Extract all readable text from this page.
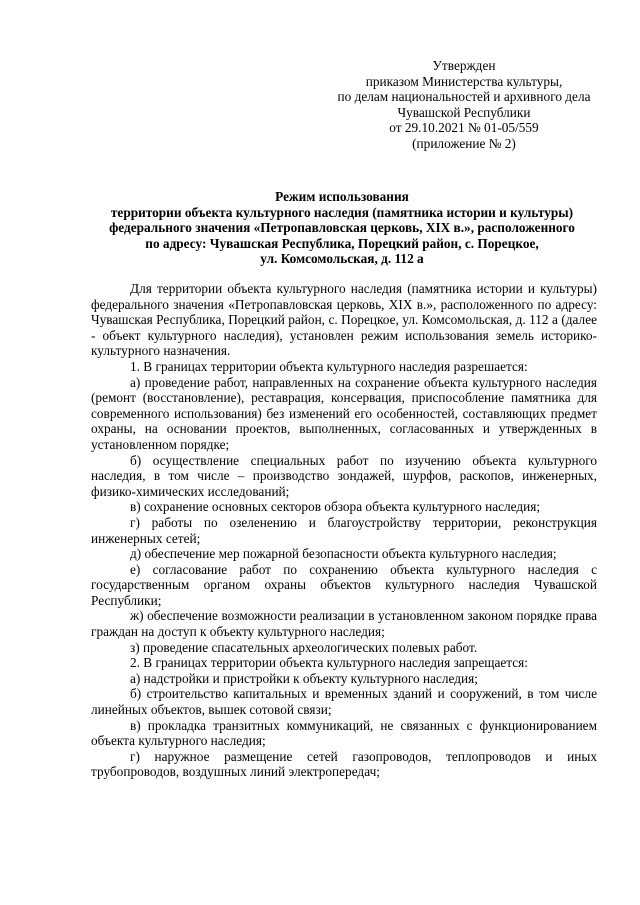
Утвержден
приказом Министерства культуры,
по делам национальностей и архивного дела
Чувашской Республики
от 29.10.2021 № 01-05/559
(приложение № 2)
Режим использования
территории объекта культурного наследия (памятника истории и культуры)
федерального значения «Петропавловская церковь, XIX в.», расположенного
по адресу: Чувашская Республика, Порецкий район, с. Порецкое,
ул. Комсомольская, д. 112 а

Для территории объекта культурного наследия (памятника истории и культуры) федерального значения «Петропавловская церковь, XIX в.», расположенного по адресу: Чувашская Республика, Порецкий район, с. Порецкое, ул. Комсомольская, д. 112 а (далее - объект культурного наследия), установлен режим использования земель историко-культурного назначения.

1. В границах территории объекта культурного наследия разрешается:

а) проведение работ, направленных на сохранение объекта культурного наследия (ремонт (восстановление), реставрация, консервация, приспособление памятника для современного использования) без изменений его особенностей, составляющих предмет охраны, на основании проектов, выполненных, согласованных и утвержденных в установленном порядке;

б) осуществление специальных работ по изучению объекта культурного наследия, в том числе – производство зондажей, шурфов, раскопов, инженерных, физико-химических исследований;

в) сохранение основных секторов обзора объекта культурного наследия;

г) работы по озеленению и благоустройству территории, реконструкция инженерных сетей;

д) обеспечение мер пожарной безопасности объекта культурного наследия;

е) согласование работ по сохранению объекта культурного наследия с государственным органом охраны объектов культурного наследия Чувашской Республики;

ж) обеспечение возможности реализации в установленном законом порядке права граждан на доступ к объекту культурного наследия;

з) проведение спасательных археологических полевых работ.

2. В границах территории объекта культурного наследия запрещается:

а) надстройки и пристройки к объекту культурного наследия;

б) строительство капитальных и временных зданий и сооружений, в том числе линейных объектов, вышек сотовой связи;

в) прокладка транзитных коммуникаций, не связанных с функционированием объекта культурного наследия;

г) наружное размещение сетей газопроводов, теплопроводов и иных трубопроводов, воздушных линий электропередач;
